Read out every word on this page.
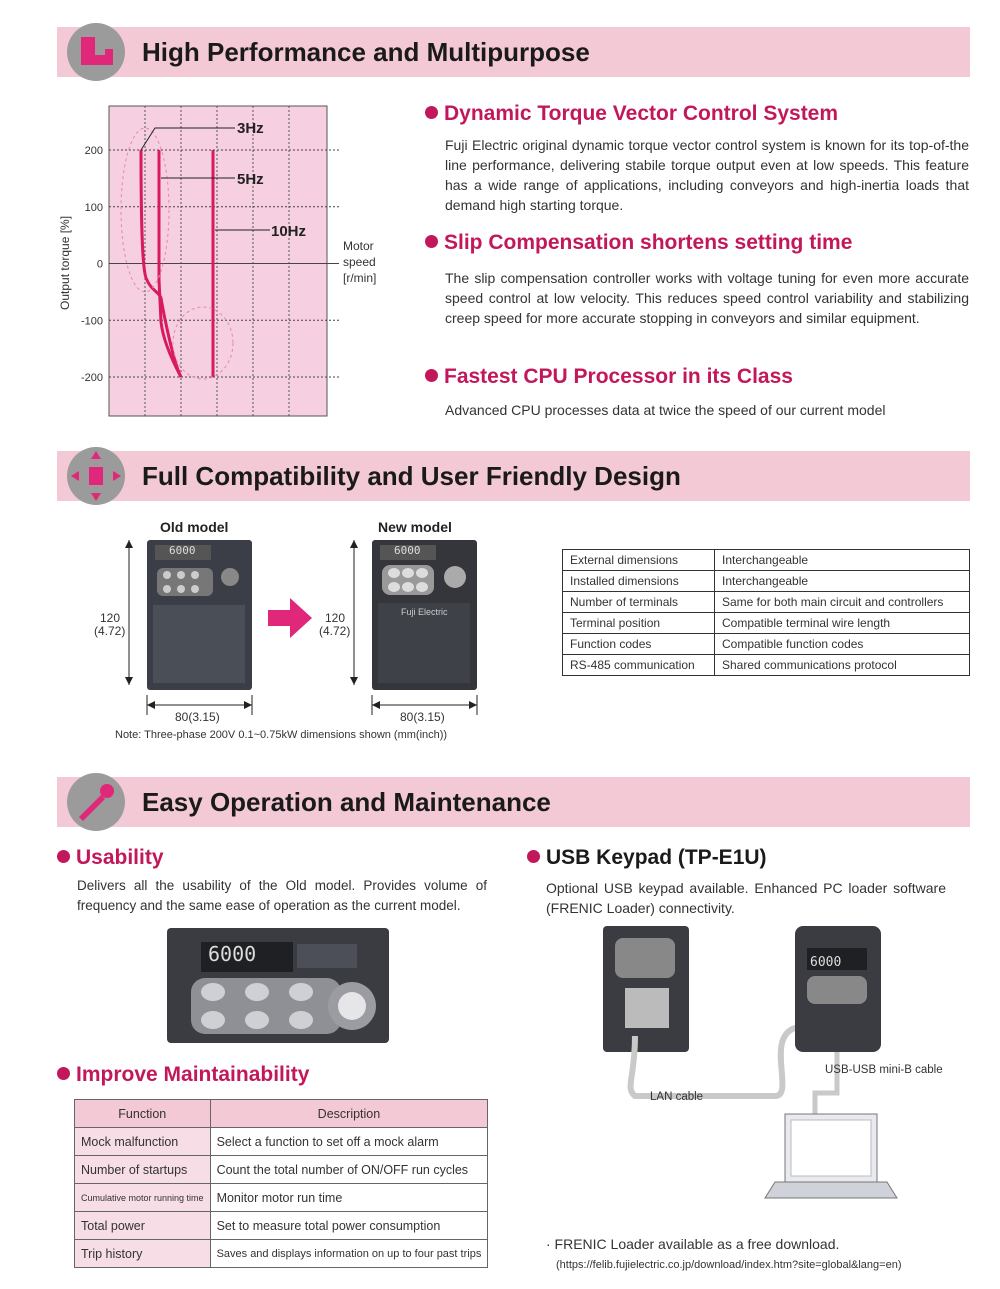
High Performance and Multipurpose
200
100
0
-100
-200
Output torque [%]
3Hz
5Hz
10Hz
Motor
speed
[r/min]
Dynamic Torque Vector Control System
Fuji Electric original dynamic torque vector control system is known for its top-of-the line performance, delivering stabile torque output even at low speeds. This feature has a wide range of applications, including conveyors and high-inertia loads that demand high starting torque.
Slip Compensation shortens setting time
The slip compensation controller works with voltage tuning for even more accurate speed control at low velocity. This reduces speed control variability and stabilizing creep speed for more accurate stopping in conveyors and similar equipment.
Fastest CPU Processor in its Class
Advanced CPU processes data at twice the speed of our current model
Full Compatibility and User Friendly Design
Old model	New model
6000
120
(4.72)
80(3.15)
6000
Fuji Electric
120
(4.72)
80(3.15)
Note: Three-phase 200V 0.1~0.75kW dimensions shown (mm(inch))
External dimensions	Interchangeable
Installed dimensions	Interchangeable
Number of terminals	Same for both main circuit and controllers
Terminal position	Compatible terminal wire length
Function codes	Compatible function codes
RS-485 communication	Shared communications protocol
Easy Operation and Maintenance
Usability
Delivers all the usability of the Old model. Provides volume of frequency and the same ease of operation as the current model.
6000
Improve Maintainability
Function	Description
Mock malfunction	Select a function to set off a mock alarm
Number of startups	Count the total number of ON/OFF run cycles
Cumulative motor running time	Monitor motor run time
Total power	Set to measure total power consumption
Trip history	Saves and displays information on up to four past trips
USB Keypad (TP-E1U)
Optional USB keypad available. Enhanced PC loader software (FRENIC Loader) connectivity.
LAN cable
USB-USB mini-B cable
6000
· FRENIC Loader available as a free download.
(https://felib.fujielectric.co.jp/download/index.htm?site=global&lang=en)
